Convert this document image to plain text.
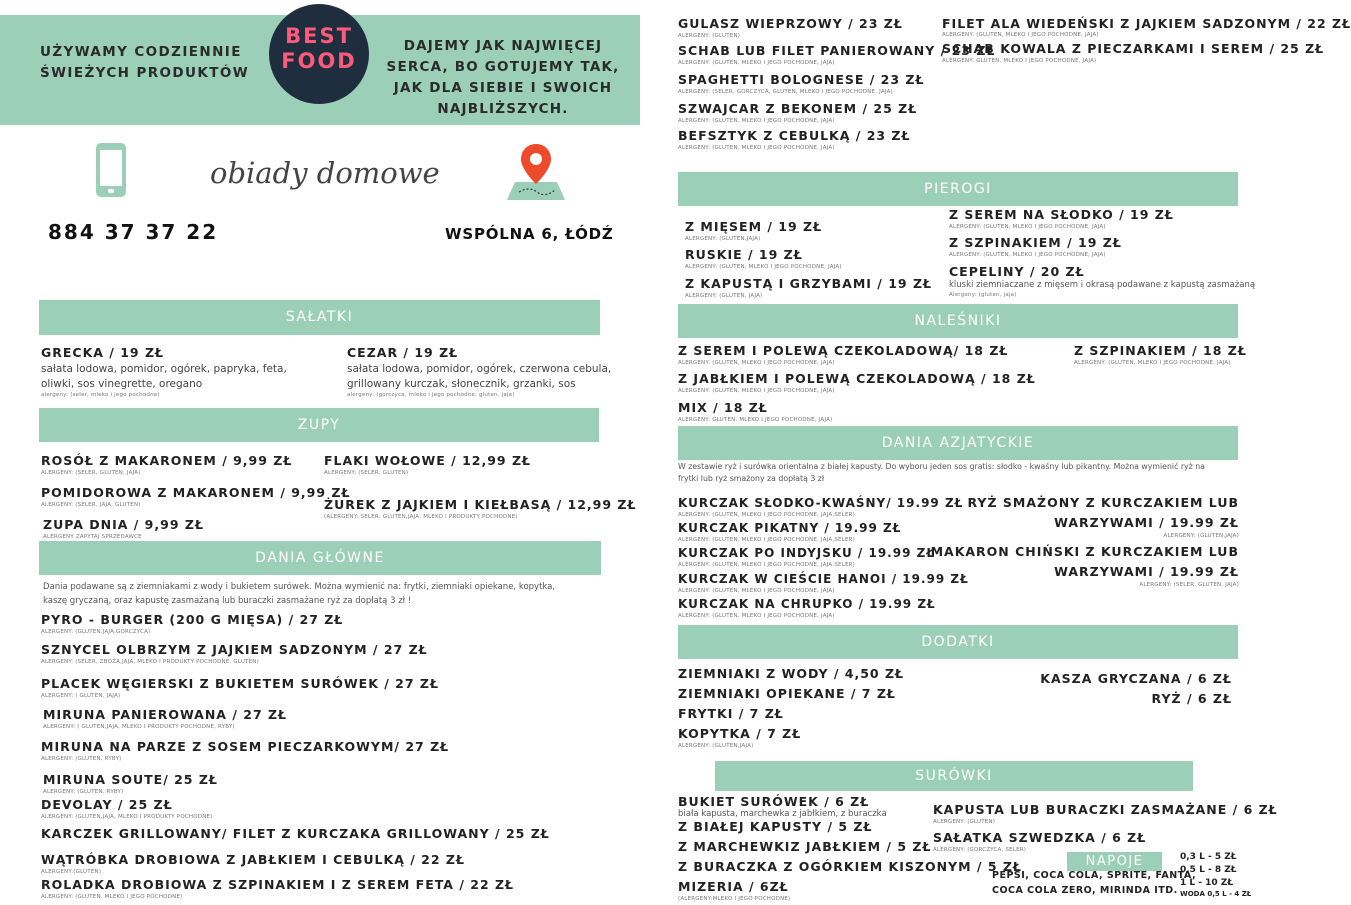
UŻYWAMY CODZIENNIE
ŚWIEŻYCH PRODUKTÓW
BEST
FOOD
DAJEMY JAK NAJWIĘCEJ
SERCA, BO GOTUJEMY TAK,
JAK DLA SIEBIE I SWOICH
NAJBLIŻSZYCH.
obiady domowe
884 37 37 22	WSPÓLNA 6, ŁÓDŹ
SAŁATKI
GRECKA / 19 ZŁ
sałata lodowa, pomidor, ogórek, papryka, feta,
oliwki, sos vinegrette, oregano
alergeny: (seler, mleko i jego pochodne)
CEZAR / 19 ZŁ
sałata lodowa, pomidor, ogórek, czerwona cebula,
grillowany kurczak, słonecznik, grzanki, sos
alergeny: (gorczyca, mleko i jego pochodne, gluten, jaja)
ZUPY
ROSÓŁ Z MAKARONEM / 9,99 ZŁ
ALERGENY: (SELER, GLUTEN, JAJA)
POMIDOROWA Z MAKARONEM / 9,99 ZŁ
ALERGENY: (SELER, JAJA, GLUTEN)
ZUPA DNIA / 9,99 ZŁ
ALERGENY ZAPYTAJ SPRZEDAWCE
FLAKI WOŁOWE / 12,99 ZŁ
ALERGENY: (SELER, GLUTEN)
ŻUREK Z JAJKIEM I KIEŁBASĄ / 12,99 ZŁ
(ALERGENY: SELER, GLUTEN,JAJA, MLEKO I PRODUKTY POCHODNE)
DANIA GŁÓWNE
Dania podawane są z ziemniakami z wody i bukietem surówek. Można wymienić na: frytki, ziemniaki opiekane, kopytka,
kaszę gryczaną, oraz kapustę zasmażaną lub buraczki zasmażane ryż za dopłatą 3 zł !
PYRO - BURGER (200 G MIĘSA) / 27 ZŁ
ALERGENY: (GLUTEN,JAJA,GORCZYCA)
SZNYCEL OLBRZYM Z JAJKIEM SADZONYM / 27 ZŁ
ALERGENY: (SELER, ZBOŻA,JAJA, MLEKO I PRODUKTY POCHODNE, GLUTEN)
PLACEK WĘGIERSKI Z BUKIETEM SURÓWEK / 27 ZŁ
ALERGENY: ( GLUTEN, JAJA)
MIRUNA PANIEROWANA / 27 ZŁ
ALERGENY: ( GLUTEN,JAJA, MLEKO I PRODUKTY POCHODNE, RYBY)
MIRUNA NA PARZE Z SOSEM PIECZARKOWYM/ 27 ZŁ
ALERGENY: (GLUTEN, RYBY)
MIRUNA SOUTE/ 25 ZŁ
ALERGENY: (GLUTEN, RYBY)
DEVOLAY / 25 ZŁ
ALERGENY: (GLUTEN,JAJA, MLEKO I PRODUKTY POCHODNE)
KARCZEK GRILLOWANY/ FILET Z KURCZAKA GRILLOWANY / 25 ZŁ
WĄTRÓBKA DROBIOWA Z JABŁKIEM I CEBULKĄ / 22 ZŁ
ALERGENY:(GLUTEN)
ROLADKA DROBIOWA Z SZPINAKIEM I Z SEREM FETA / 22 ZŁ
ALERGENY: (GLUTEN, MLEKO I JEGO POCHODNE)
GULASZ WIEPRZOWY / 23 ZŁ
ALERGENY: (GLUTEN)
SCHAB LUB FILET PANIEROWANY / 23 ZŁ
ALERGENY: (GLUTEN, MLEKO I JEGO POCHODNE, JAJA)
SPAGHETTI BOLOGNESE / 23 ZŁ
ALERGENY: (SELER, GORCZYCA, GLUTEN, MLEKO I JEGO POCHODNE, JAJA)
SZWAJCAR Z BEKONEM / 25 ZŁ
ALERGENY: (GLUTEN, MLEKO I JEGO POCHODNE, JAJA)
BEFSZTYK Z CEBULKĄ / 23 ZŁ
ALERGENY: (GLUTEN, MLEKO I JEGO POCHODNE, JAJA)
FILET ALA WIEDEŃSKI Z JAJKIEM SADZONYM / 22 ZŁ
ALERGENY: (GLUTEN, MLEKO I JEGO POCHODNE, JAJA)
SCHAB KOWALA Z PIECZARKAMI I SEREM / 25 ZŁ
ALERGENY: GLUTEN, MLEKO I JEGO POCHODNE, JAJA)
PIEROGI
Z MIĘSEM / 19 ZŁ
ALERGENY: (GLUTEN,JAJA)
RUSKIE / 19 ZŁ
ALERGENY: (GLUTEN, MLEKO I JEGO POCHODNE, JAJA)
Z KAPUSTĄ I GRZYBAMI / 19 ZŁ
ALERGENY: (GLUTEN, JAJA)
Z SEREM NA SŁODKO / 19 ZŁ
ALERGENY: (GLUTEN, MLEKO I JEGO POCHODNE, JAJA)
Z SZPINAKIEM / 19 ZŁ
ALERGENY: (GLUTEN, MLEKO I JEGO POCHODNE, JAJA)
CEPELINY / 20 ZŁ
kluski ziemniaczane z mięsem i okrasą podawane z kapustą zasmażaną
Alergeny: (gluten, jaja)
NALEŚNIKI
Z SEREM I POLEWĄ CZEKOLADOWĄ/ 18 ZŁ
ALERGENY: (GLUTEN, MLEKO I JEGO POCHODNE, JAJA)
Z JABŁKIEM I POLEWĄ CZEKOLADOWĄ / 18 ZŁ
ALERGENY: (GLUTEN, MLEKO I JEGO POCHODNE, JAJA)
MIX / 18 ZŁ
ALERGENY: GLUTEN, MLEKO I JEGO POCHODNE, JAJA)
Z SZPINAKIEM / 18 ZŁ
ALERGENY: (GLUTEN, MLEKO I JEGO POCHODNE, JAJA)
DANIA AZJATYCKIE
W zestawie ryż i surówka orientalna z białej kapusty. Do wyboru jeden sos gratis: słodko - kwaśny lub pikantny. Można wymienić ryż na
frytki lub ryż smażony za dopłatą 3 zł
KURCZAK SŁODKO-KWAŚNY/ 19.99 ZŁ
ALERGENY: (GLUTEN, MLEKO I JEGO POCHODNE, JAJA,SELER)
KURCZAK PIKATNY / 19.99 ZŁ
ALERGENY: (GLUTEN, MLEKO I JEGO POCHODNE, JAJA,SELER)
KURCZAK PO INDYJSKU / 19.99 ZŁ
ALERGENY: (GLUTEN, MLEKO I JEGO POCHODNE, JAJA,SELER)
KURCZAK W CIEŚCIE HANOI / 19.99 ZŁ
ALERGENY: (GLUTEN, MLEKO I JEGO POCHODNE, JAJA)
KURCZAK NA CHRUPKO / 19.99 ZŁ
ALERGENY: (GLUTEN, MLEKO I JEGO POCHODNE, JAJA)
RYŻ SMAŻONY Z KURCZAKIEM LUB
WARZYWAMI / 19.99 ZŁ
ALERGENY: (GLUTEN,JAJA)
MAKARON CHIŃSKI Z KURCZAKIEM LUB
WARZYWAMI / 19.99 ZŁ
ALERGENY: (SELER, GLUTEN, JAJA)
DODATKI
ZIEMNIAKI Z WODY / 4,50 ZŁ
ZIEMNIAKI OPIEKANE / 7 ZŁ
FRYTKI / 7 ZŁ
KOPYTKA / 7 ZŁ
ALERGENY: (GLUTEN,JAJA)
KASZA GRYCZANA / 6 ZŁ
RYŻ / 6 ZŁ
SURÓWKI
BUKIET SURÓWEK / 6 ZŁ
biała kapusta, marchewka z jabłkiem, z buraczka
Z BIAŁEJ KAPUSTY / 5 ZŁ
Z MARCHEWKIZ JABŁKIEM / 5 ZŁ
Z BURACZKA Z OGÓRKIEM KISZONYM / 5 ZŁ
MIZERIA / 6ZŁ
(ALERGENY:MLEKO I JEGO POCHODNE)
KAPUSTA LUB BURACZKI ZASMAŻANE / 6 ZŁ
ALERGENY: (GLUTEN)
SAŁATKA SZWEDZKA / 6 ZŁ
ALERGENY: (GORCZYCA, SELER)
NAPOJE
PEPSI, COCA COLA, SPRITE, FANTA,
COCA COLA ZERO, MIRINDA ITD.
0,3 L - 5 ZŁ
0,5 L - 8 ZŁ
1 L - 10 ZŁ
WODA 0,5 L - 4 ZŁ
